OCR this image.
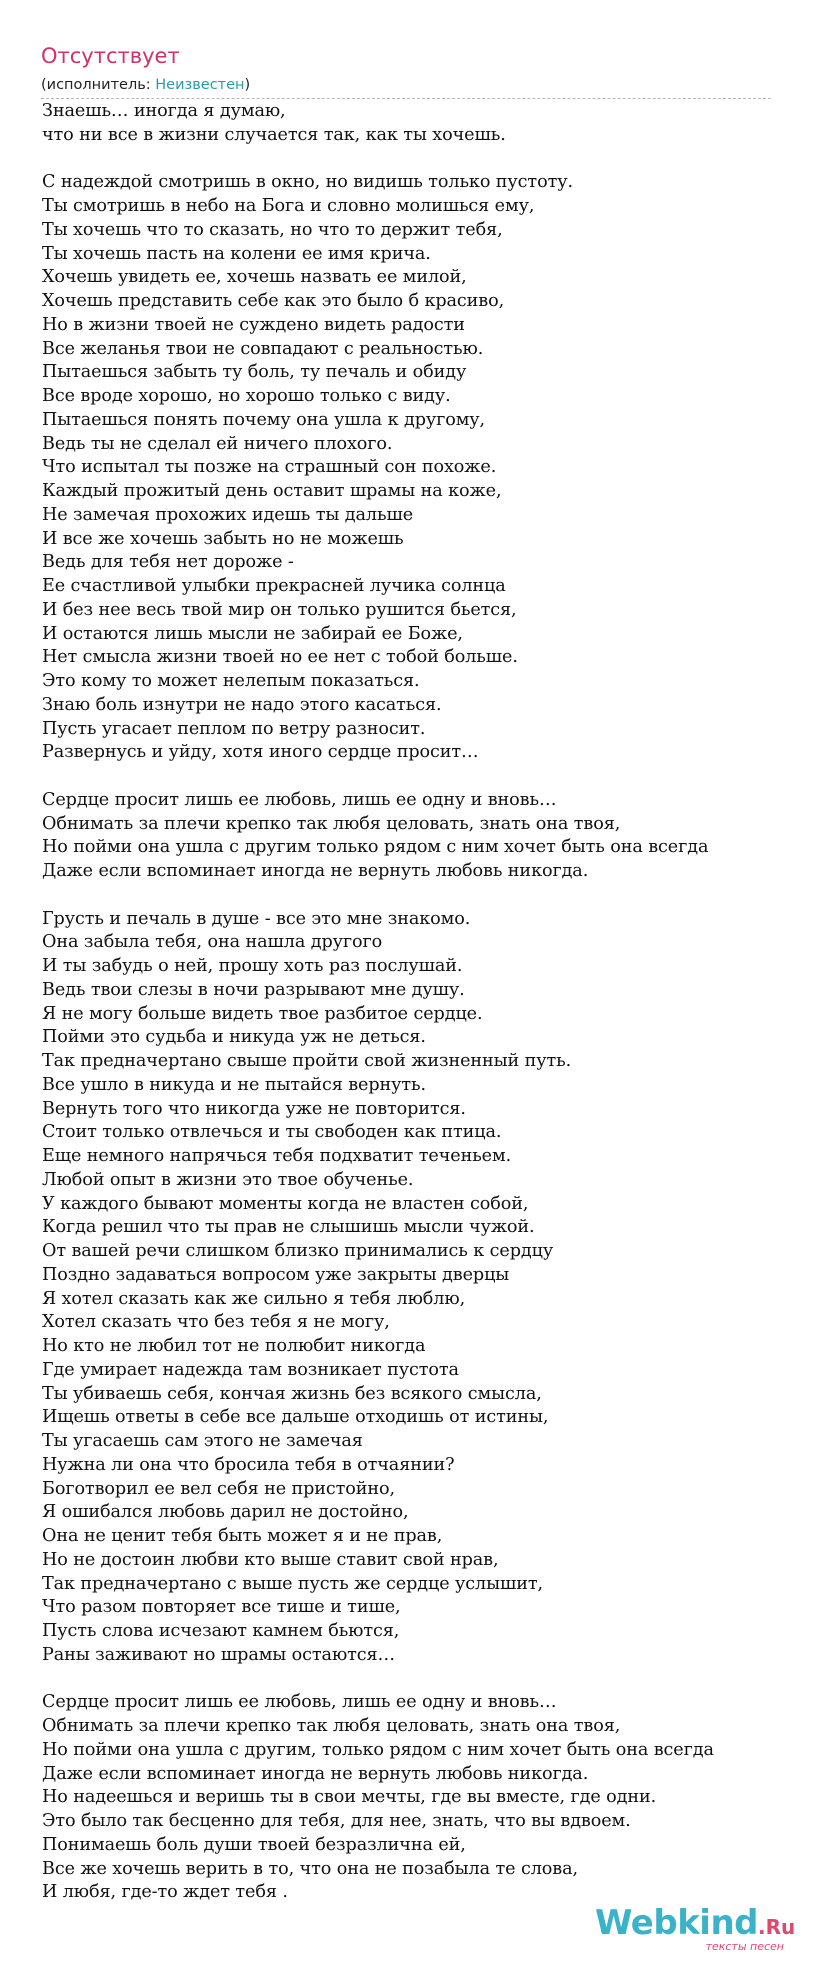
Отсутствует
(исполнитель: Неизвестен)
Знаешь… иногда я думаю,
что ни все в жизни случается так, как ты хочешь.
С надеждой смотришь в окно, но видишь только пустоту.
Ты смотришь в небо на Бога и словно молишься ему,
Ты хочешь что то сказать, но что то держит тебя,
Ты хочешь пасть на колени ее имя крича.
Хочешь увидеть ее, хочешь назвать ее милой,
Хочешь представить себе как это было б красиво,
Но в жизни твоей не суждено видеть радости
Все желанья твои не совпадают с реальностью.
Пытаешься забыть ту боль, ту печаль и обиду
Все вроде хорошо, но хорошо только с виду.
Пытаешься понять почему она ушла к другому,
Ведь ты не сделал ей ничего плохого.
Что испытал ты позже на страшный сон похоже.
Каждый прожитый день оставит шрамы на коже,
Не замечая прохожих идешь ты дальше
И все же хочешь забыть но не можешь
Ведь для тебя нет дороже -
Ее счастливой улыбки прекрасней лучика солнца
И без нее весь твой мир он только рушится бьется,
И остаются лишь мысли не забирай ее Боже,
Нет смысла жизни твоей но ее нет с тобой больше.
Это кому то может нелепым показаться.
Знаю боль изнутри не надо этого касаться.
Пусть угасает пеплом по ветру разносит.
Развернусь и уйду, хотя иного сердце просит…
Сердце просит лишь ее любовь, лишь ее одну и вновь…
Обнимать за плечи крепко так любя целовать, знать она твоя,
Но пойми она ушла с другим только рядом с ним хочет быть она всегда
Даже если вспоминает иногда не вернуть любовь никогда.
Грусть и печаль в душе - все это мне знакомо.
Она забыла тебя, она нашла другого
И ты забудь о ней, прошу хоть раз послушай.
Ведь твои слезы в ночи разрывают мне душу.
Я не могу больше видеть твое разбитое сердце.
Пойми это судьба и никуда уж не деться.
Так предначертано свыше пройти свой жизненный путь.
Все ушло в никуда и не пытайся вернуть.
Вернуть того что никогда уже не повторится.
Стоит только отвлечься и ты свободен как птица.
Еще немного напрячься тебя подхватит теченьем.
Любой опыт в жизни это твое обученье.
У каждого бывают моменты когда не властен собой,
Когда решил что ты прав не слышишь мысли чужой.
От вашей речи слишком близко принимались к сердцу
Поздно задаваться вопросом уже закрыты дверцы
Я хотел сказать как же сильно я тебя люблю,
Хотел сказать что без тебя я не могу,
Но кто не любил тот не полюбит никогда
Где умирает надежда там возникает пустота
Ты убиваешь себя, кончая жизнь без всякого смысла,
Ищешь ответы в себе все дальше отходишь от истины,
Ты угасаешь сам этого не замечая
Нужна ли она что бросила тебя в отчаянии?
Боготворил ее вел себя не пристойно,
Я ошибался любовь дарил не достойно,
Она не ценит тебя быть может я и не прав,
Но не достоин любви кто выше ставит свой нрав,
Так предначертано с выше пусть же сердце услышит,
Что разом повторяет все тише и тише,
Пусть слова исчезают камнем бьются,
Раны заживают но шрамы остаются…
Сердце просит лишь ее любовь, лишь ее одну и вновь…
Обнимать за плечи крепко так любя целовать, знать она твоя,
Но пойми она ушла с другим, только рядом с ним хочет быть она всегда
Даже если вспоминает иногда не вернуть любовь никогда.
Но надеешься и веришь ты в свои мечты, где вы вместе, где одни.
Это было так бесценно для тебя, для нее, знать, что вы вдвоем.
Понимаешь боль души твоей безразлична ей,
Все же хочешь верить в то, что она не позабыла те слова,
И любя, где-то ждет тебя .
Webkind.Ru
тексты песен
